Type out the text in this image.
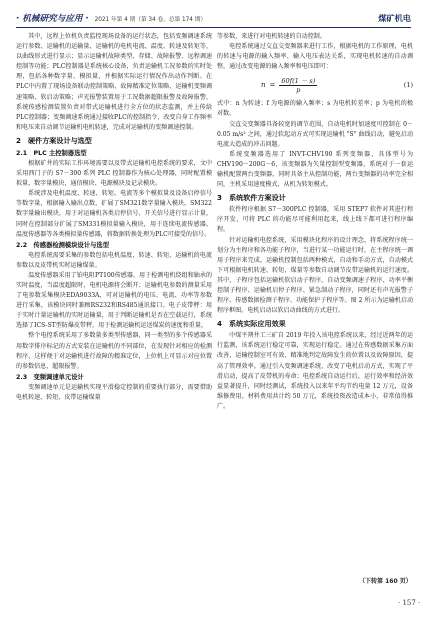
· 机械研究与应用 · 2021 年第 4 期（第 34 卷，总第 174 期）	煤矿机电

其中，远程上位机负责监控现场设备的运行状态，包括变频调速系统运行参数、运输机的运输量、运输机的电机电流、温度、转速及转矩等，以曲线形式进行显示；显示运输机故障类型、存储、故障报警、远程调速控制等功能；PLC控制器是系统核心设备，负责运输机工况参数的实时处理，包括各种数字量、模拟量，并根据实际运行情况作出动作判断。在PLC中内置了现场设备联动控制策略、故障精准定位策略、运输机变频调速策略、软启动策略；声光报警装置用于工况数据超限报警及故障报警，系统传感检测装置负责对带式运输机进行全方位的状态监测，并上传给PLC控制器；变频调速系统通过接收PLC的控制指令，改变自身工作频率和电压来自动调节运输机电机转速，完成对运输机的变频调速控制。

2　硬件方案设计与选型
2.1　PLC 主控制器选型

根据矿井的实际工作环境需要以及带式运输机电控系统的要求，文中采用西门子的 S7－300 系列 PLC 控制器作为核心处理器，同时配置模拟量、数字量模块，通信模块、电源模块及记录模块。

系统涉及电机温度、转速、转矩、电流等多个模拟量及设备启停信号等数字量，根据输入输出点数，扩展了SM321数字量输入模块，SM322数字量输出模块，用于对运输机各类启停信号、开关信号进行显示计量，同时在控制部分扩展了SM331模拟量输入模块，用于连续电流传感器、温度传感器等各类模拟量传感器，将数据转换处理为PLC可接受的信号。

2.2　传感器检测模块设计与选型

电控系统需要采集的参数包括电机温度、转速、转矩、运输机的电流参数以及皮带机实时运输煤量。

温度传感器采用了铂电阻PT100传感器，用于检测电机绕组和轴承的实时温度，当温度超限时，电机电源将会断开；运输机电参数的测量采用了电参数采集模块EDA9033A，可对运输机的电压、电流、功率等参数进行采集，该模块同时兼顾RS232和RS485通讯接口。电子皮带秤：用于实时计量运输机的实时运输量，用于判断运输机是否在空载运行，系统选择了ICS-ST型防爆皮带秤，用于检测运输机运送煤炭的速度和重量。

整个电控系统采用了多数量多类型传感器，同一类型的多个传感器采用数字排序标记的方式安装在运输机的不同部位，在发现针对相应的检测程序，这样便于对运输机进行故障的精准定位，上位机上可显示对应位置的参数信息，超限报警。

2.3　变频调速单元设计

变频调速单元是运输机实现平滑稳定控制的重要执行部分，需要借助电机转速、转矩、皮带运输煤量

等参数，来进行对电机转速的自动控制。

电控系统通过交直交变频器来进行工作，根据电机的工作原理，电机的转速与电源的输入频率、输入电压表达关系，实现电机转速的自动调整，通过改变电源的输入频率和电压即可：

$n = \frac{60f(1 - s)}{p}$	(1)

式中：n 为转速；f 为电源的输入频率；s 为电机转差率；p 为电机的极对数。

交直交变频器具备较宽的调节范围，自动电机时加速度可控制在 0－0.05 m/s² 之间，通过软起动方式可实现运输机 "S" 曲线启动，避免启动电流大造成的冲击问题。

系统变频器选用了 INVT-CHV190 系列变频器，具体型号为 CHV190－200G－6，该变频器为矢量控制型变频器，系统对于一套运输机配置两台变频器，同时具备主从控制功能，两台变频器的功率完全相同，主机采用速度模式，从机为转矩模式。

3　系统软件方案设计

软件程序根据 S7－300PLC 控制器，采用 STEP7 软件对其进行程序开发，可将 PLC 的功能尽可能利用起来，线上线下都可进行程序编程。

针对运输机电控系统，采用模块化程序的设计理念，将系统程序统一划分为主程序和各功能子程序，当进行某一功能运行时，在主程序统一调用子程序来完成。运输机控制包括两种模式，自动和手动方式，自动模式下可根据电机转速、转矩、煤量等参数自动调节皮带运输机的运行速度。其中，子程序包括运输机软启动子程序、自动变频调速子程序、功率平衡控制子程序、运输机启停子程序、紧急制动子程序，同时还有声光报警子程序、传感数据检测子程序、功能保护子程序等。图 2 所示为运输机启动程序框图。电机启动以软启动曲线的方式进行。

4　系统实际应用效果

中煤平朔井工三矿自 2019 年投入该电控系统以来，经过近两年的运行监测，该系统运行稳定可靠，实现运行稳定。通过在传感数据采集方面改善，运输控制室可有效、精准地判定故障发生的位置以及故障原因，提高了管理效率。通过引入变频调速系统，改变了电机启动方式，实现了平滑启动，提高了皮带机的寿命；电控系统自动运行后，运行效率和经济效益显著提升，同时经测试，系统投入以来年平均节约电量 12 万元，设备维修费用、材料费用共计约 50 万元，系统投资改造成本小，非常值得推广。

（下转第 160 页）
· 157 ·
